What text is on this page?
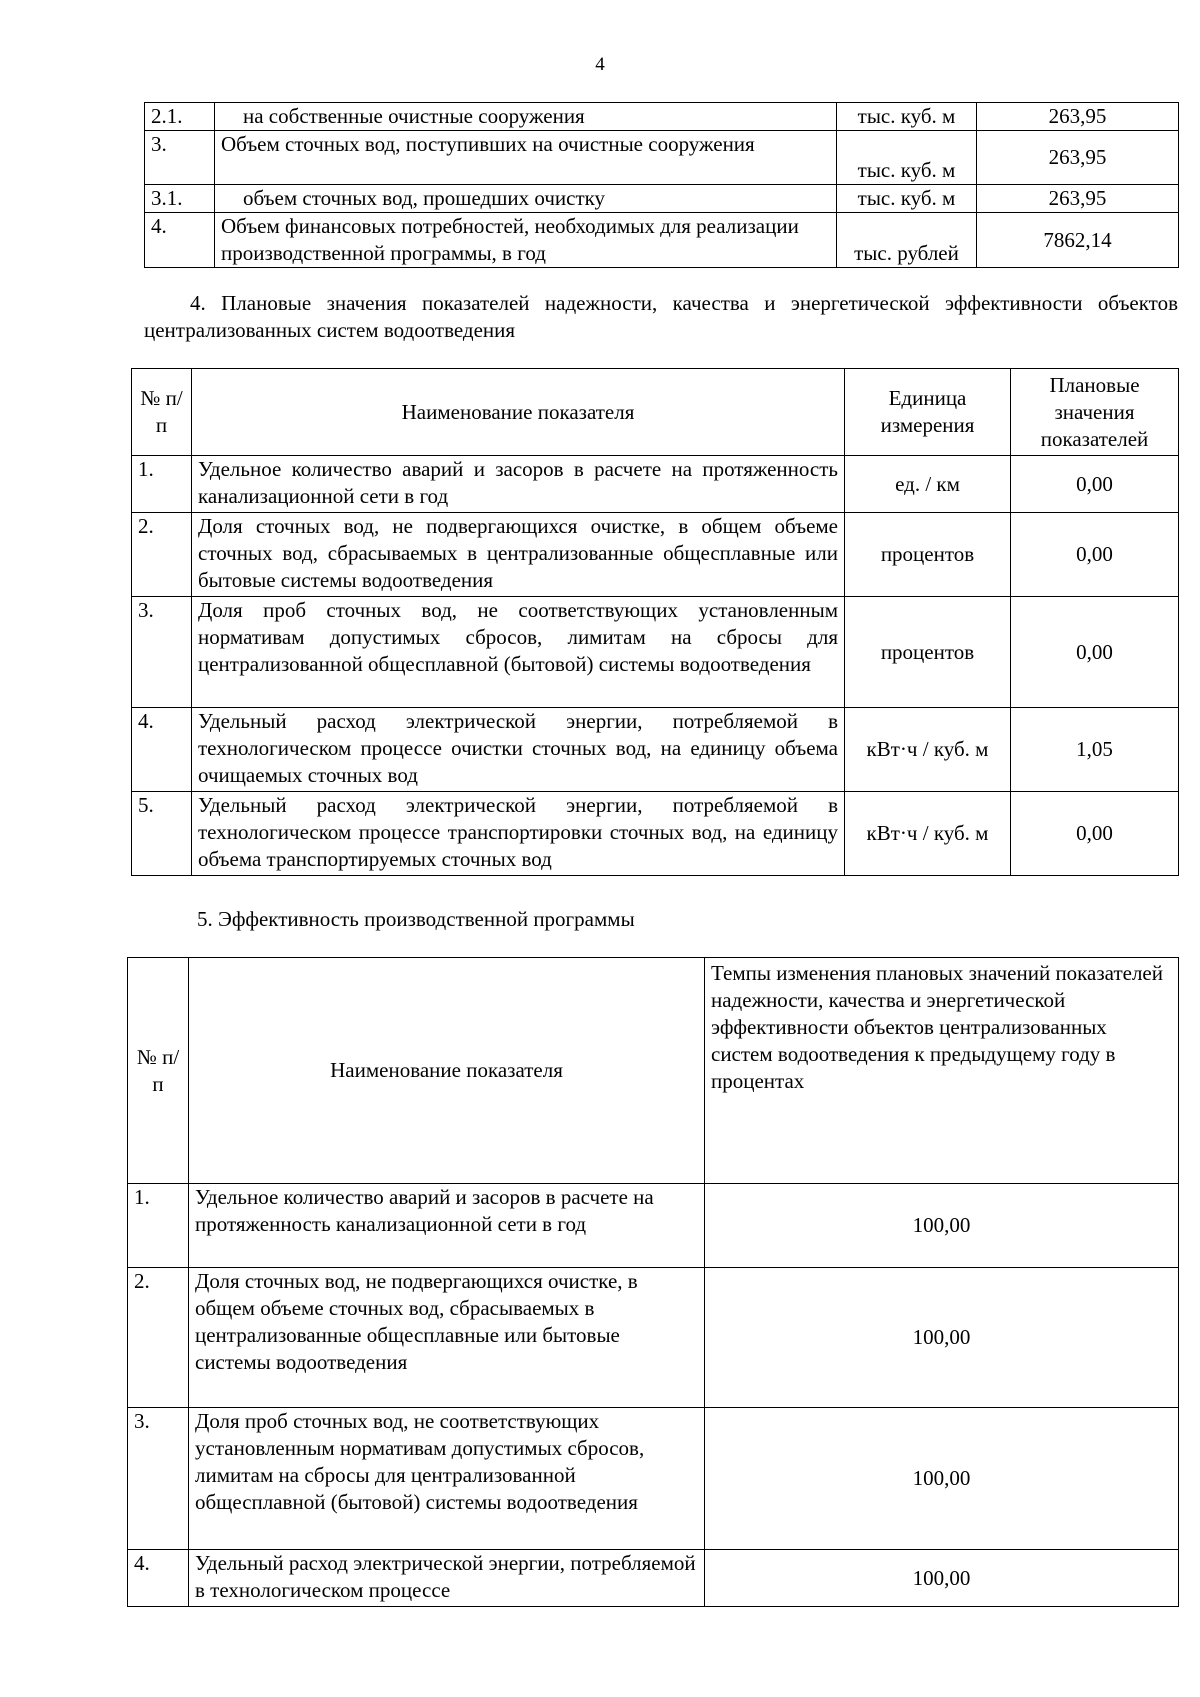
4
2.1.	на собственные очистные сооружения	тыс. куб. м	263,95
3.	Объем сточных вод, поступивших на очистные сооружения	тыс. куб. м	263,95
3.1.	объем сточных вод, прошедших очистку	тыс. куб. м	263,95
4.	Объем финансовых потребностей, необходимых для реализации производственной программы, в год	тыс. рублей	7862,14
4. Плановые значения показателей надежности, качества и энергетической эффективности объектов централизованных систем водоотведения
№ п/п	Наименование показателя	Единица измерения	Плановые значения показателей
1.	Удельное количество аварий и засоров в расчете на протяженность канализационной сети в год	ед. / км	0,00
2.	Доля сточных вод, не подвергающихся очистке, в общем объеме сточных вод, сбрасываемых в централизованные общесплавные или бытовые системы водоотведения	процентов	0,00
3.	Доля проб сточных вод, не соответствующих установленным нормативам допустимых сбросов, лимитам на сбросы для централизованной общесплавной (бытовой) системы водоотведения	процентов	0,00
4.	Удельный расход электрической энергии, потребляемой в технологическом процессе очистки сточных вод, на единицу объема очищаемых сточных вод	кВт·ч / куб. м	1,05
5.	Удельный расход электрической энергии, потребляемой в технологическом процессе транспортировки сточных вод, на единицу объема транспортируемых сточных вод	кВт·ч / куб. м	0,00
5. Эффективность производственной программы
№ п/п	Наименование показателя	Темпы изменения плановых значений показателей надежности, качества и энергетической эффективности объектов централизованных систем водоотведения к предыдущему году в процентах
1.	Удельное количество аварий и засоров в расчете на протяженность канализационной сети в год	100,00
2.	Доля сточных вод, не подвергающихся очистке, в общем объеме сточных вод, сбрасываемых в централизованные общесплавные или бытовые системы водоотведения	100,00
3.	Доля проб сточных вод, не соответствующих установленным нормативам допустимых сбросов, лимитам на сбросы для централизованной общесплавной (бытовой) системы водоотведения	100,00
4.	Удельный расход электрической энергии, потребляемой в технологическом процессе	100,00
